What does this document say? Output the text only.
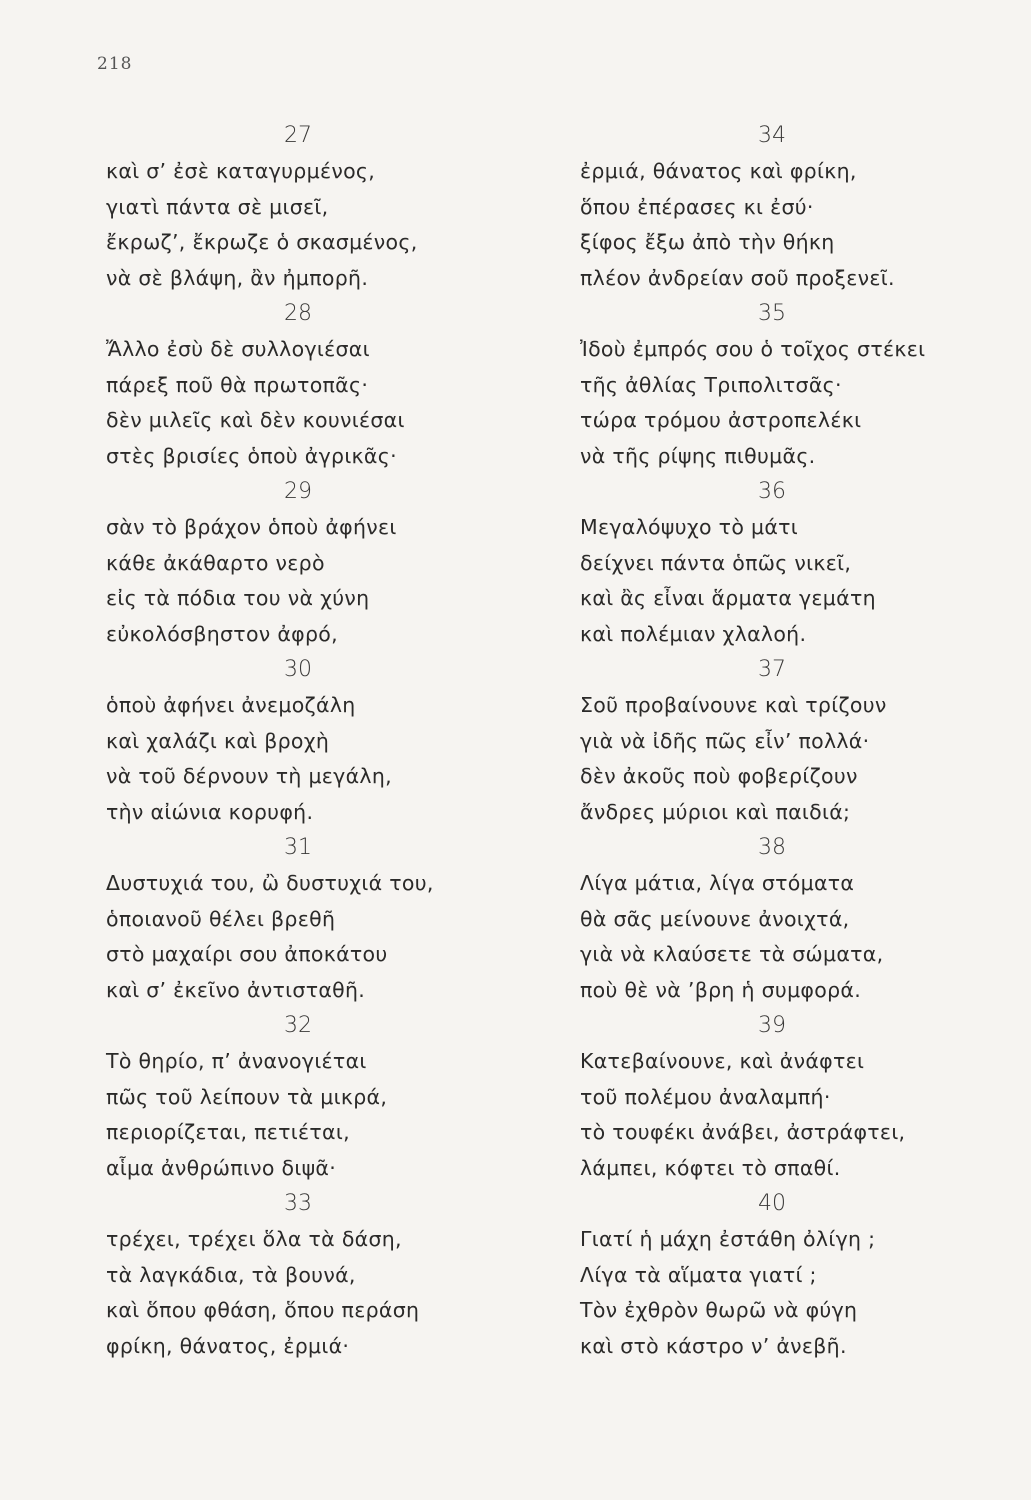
218
27
καὶ σ’ ἐσὲ καταγυρμένος,
γιατὶ πάντα σὲ μισεῖ,
ἔκρωζ’, ἔκρωζε ὁ σκασμένος,
νὰ σὲ βλάψη, ἂν ἠμπορῆ.
28
Ἄλλο ἐσὺ δὲ συλλογιέσαι
πάρεξ ποῦ θὰ πρωτοπᾶς·
δὲν μιλεῖς καὶ δὲν κουνιέσαι
στὲς βρισίες ὁποὺ ἀγρικᾶς·
29
σὰν τὸ βράχον ὁποὺ ἀφήνει
κάθε ἀκάθαρτο νερὸ
εἰς τὰ πόδια του νὰ χύνη
εὐκολόσβηστον ἀφρό,
30
ὁποὺ ἀφήνει ἀνεμοζάλη
καὶ χαλάζι καὶ βροχὴ
νὰ τοῦ δέρνουν τὴ μεγάλη,
τὴν αἰώνια κορυφή.
31
Δυστυχιά του, ὢ δυστυχιά του,
ὁποιανοῦ θέλει βρεθῆ
στὸ μαχαίρι σου ἀποκάτου
καὶ σ’ ἐκεῖνο ἀντισταθῆ.
32
Τὸ θηρίο, π’ ἀνανογιέται
πῶς τοῦ λείπουν τὰ μικρά,
περιορίζεται, πετιέται,
αἷμα ἀνθρώπινο διψᾶ·
33
τρέχει, τρέχει ὅλα τὰ δάση,
τὰ λαγκάδια, τὰ βουνά,
καὶ ὅπου φθάση, ὅπου περάση
φρίκη, θάνατος, ἐρμιά·
34
ἐρμιά, θάνατος καὶ φρίκη,
ὅπου ἐπέρασες κι ἐσύ·
ξίφος ἔξω ἀπὸ τὴν θήκη
πλέον ἀνδρείαν σοῦ προξενεῖ.
35
Ἰδοὺ ἐμπρός σου ὁ τοῖχος στέκει
τῆς ἀθλίας Τριπολιτσᾶς·
τώρα τρόμου ἀστροπελέκι
νὰ τῆς ρίψης πιθυμᾶς.
36
Μεγαλόψυχο τὸ μάτι
δείχνει πάντα ὁπῶς νικεῖ,
καὶ ἂς εἶναι ἅρματα γεμάτη
καὶ πολέμιαν χλαλοή.
37
Σοῦ προβαίνουνε καὶ τρίζουν
γιὰ νὰ ἰδῆς πῶς εἶν’ πολλά·
δὲν ἀκοῦς ποὺ φοβερίζουν
ἄνδρες μύριοι καὶ παιδιά;
38
Λίγα μάτια, λίγα στόματα
θὰ σᾶς μείνουνε ἀνοιχτά,
γιὰ νὰ κλαύσετε τὰ σώματα,
ποὺ θὲ νὰ ’βρη ἡ συμφορά.
39
Κατεβαίνουνε, καὶ ἀνάφτει
τοῦ πολέμου ἀναλαμπή·
τὸ τουφέκι ἀνάβει, ἀστράφτει,
λάμπει, κόφτει τὸ σπαθί.
40
Γιατί ἡ μάχη ἐστάθη ὀλίγη ;
Λίγα τὰ αἵματα γιατί ;
Τὸν ἐχθρὸν θωρῶ νὰ φύγη
καὶ στὸ κάστρο ν’ ἀνεβῆ.
